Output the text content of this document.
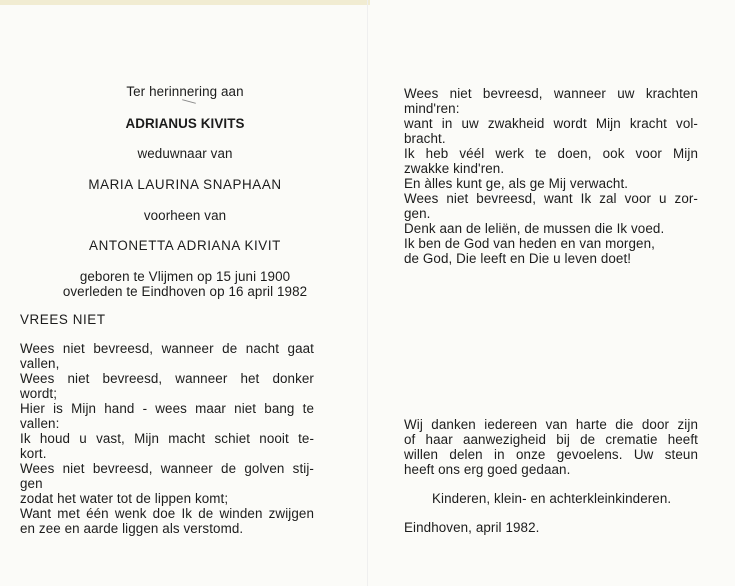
Ter herinnering aan
ADRIANUS KIVITS
weduwnaar van
MARIA LAURINA SNAPHAAN
voorheen van
ANTONETTA ADRIANA KIVIT
geboren te Vlijmen op 15 juni 1900
overleden te Eindhoven op 16 april 1982
VREES NIET
Wees niet bevreesd, wanneer de nacht gaat
vallen,
Wees niet bevreesd, wanneer het donker
wordt;
Hier is Mijn hand - wees maar niet bang te
vallen:
Ik houd u vast, Mijn macht schiet nooit te-
kort.
Wees niet bevreesd, wanneer de golven stij-
gen
zodat het water tot de lippen komt;
Want met één wenk doe Ik de winden zwijgen
en zee en aarde liggen als verstomd.
Wees niet bevreesd, wanneer uw krachten
mind'ren:
want in uw zwakheid wordt Mijn kracht vol-
bracht.
Ik heb véél werk te doen, ook voor Mijn
zwakke kind'ren.
En àlles kunt ge, als ge Mij verwacht.
Wees niet bevreesd, want Ik zal voor u zor-
gen.
Denk aan de leliën, de mussen die Ik voed.
Ik ben de God van heden en van morgen,
de God, Die leeft en Die u leven doet!
Wij danken iedereen van harte die door zijn
of haar aanwezigheid bij de crematie heeft
willen delen in onze gevoelens. Uw steun
heeft ons erg goed gedaan.
Kinderen, klein- en achterkleinkinderen.
Eindhoven, april 1982.
